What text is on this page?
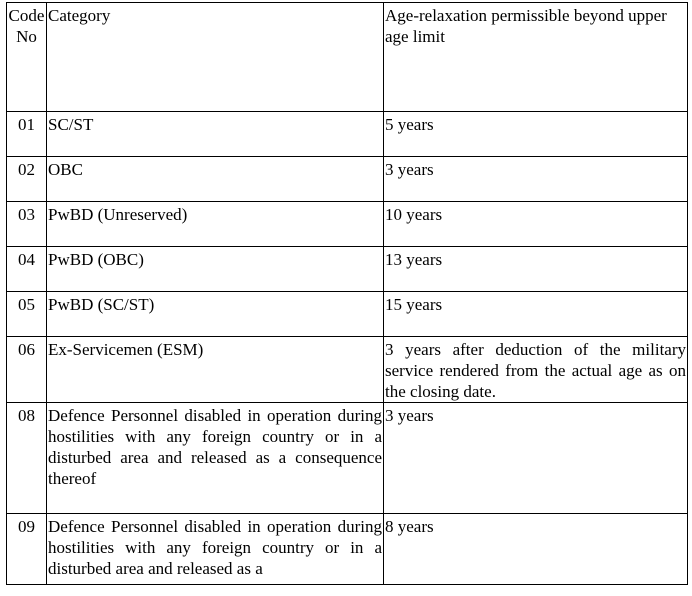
Code No	Category	Age-relaxation permissible beyond upper age limit

01	SC/ST	5 years

02	OBC	3 years

03	PwBD (Unreserved)	10 years

04	PwBD (OBC)	13 years

05	PwBD (SC/ST)	15 years

06	Ex-Servicemen (ESM)	3 years after deduction of the military service rendered from the actual age as on the closing date.

08	Defence Personnel disabled in operation during hostilities with any foreign country or in a disturbed area and released as a consequence thereof	3 years

09	Defence Personnel disabled in operation during hostilities with any foreign country or in a disturbed area and released as a	8 years
